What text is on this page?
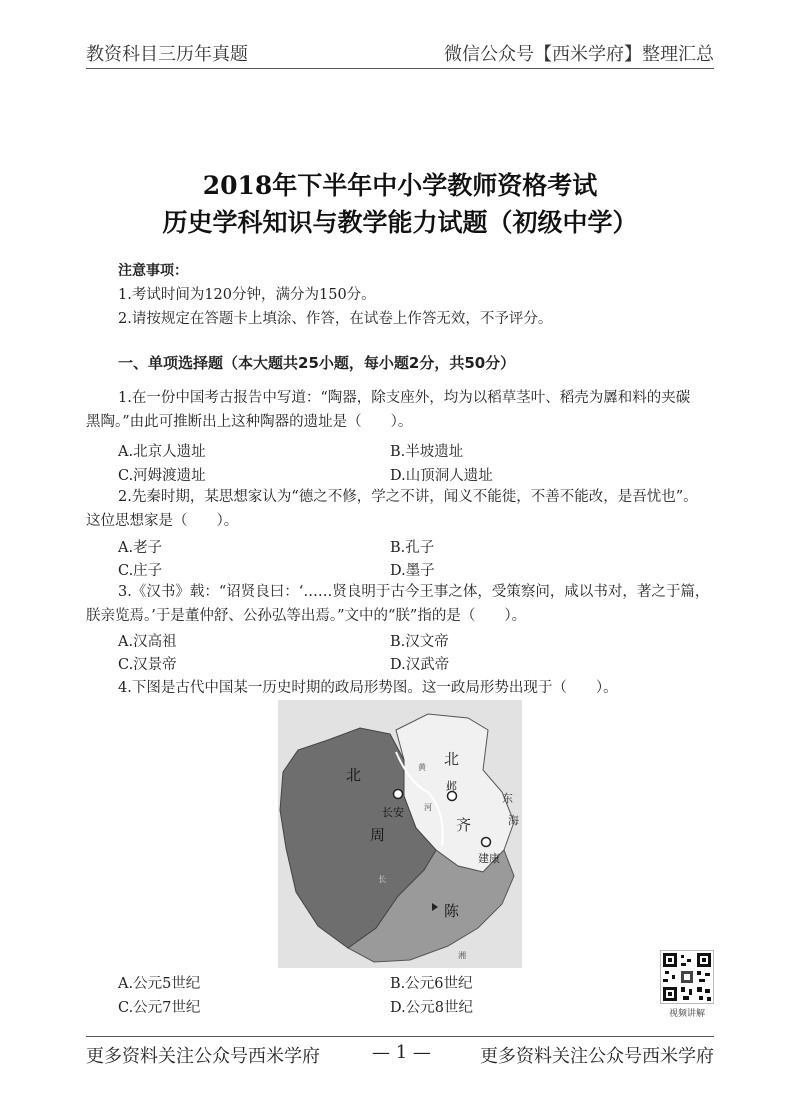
教资科目三历年真题	微信公众号【西米学府】整理汇总
2018年下半年中小学教师资格考试
历史学科知识与教学能力试题（初级中学）
注意事项：
1.考试时间为120分钟，满分为150分。
2.请按规定在答题卡上填涂、作答，在试卷上作答无效，不予评分。
一、单项选择题（本大题共25小题，每小题2分，共50分）
1.在一份中国考古报告中写道：“陶器，除支座外，均为以稻草茎叶、稻壳为羼和料的夹碳
黑陶。”由此可推断出上这种陶器的遗址是（　　）。
A.北京人遗址	B.半坡遗址
C.河姆渡遗址	D.山顶洞人遗址
2.先秦时期，某思想家认为“德之不修，学之不讲，闻义不能徙，不善不能改，是吾忧也”。
这位思想家是（　　）。
A.老子	B.孔子
C.庄子	D.墨子
3.《汉书》载：“诏贤良曰：‘……贤良明于古今王事之体，受策察问，咸以书对，著之于篇，
朕亲览焉。’于是董仲舒、公孙弘等出焉。”文中的“朕”指的是（　　）。
A.汉高祖	B.汉文帝
C.汉景帝	D.汉武帝
4.下图是古代中国某一历史时期的政局形势图。这一政局形势出现于（　　）。
北
周
长安
北
齐
邺
建康
陈
东
海
黄
河
长
湘
A.公元5世纪	B.公元6世纪
C.公元7世纪	D.公元8世纪	视频讲解
更多资料关注公众号西米学府	— 1 —	更多资料关注公众号西米学府
